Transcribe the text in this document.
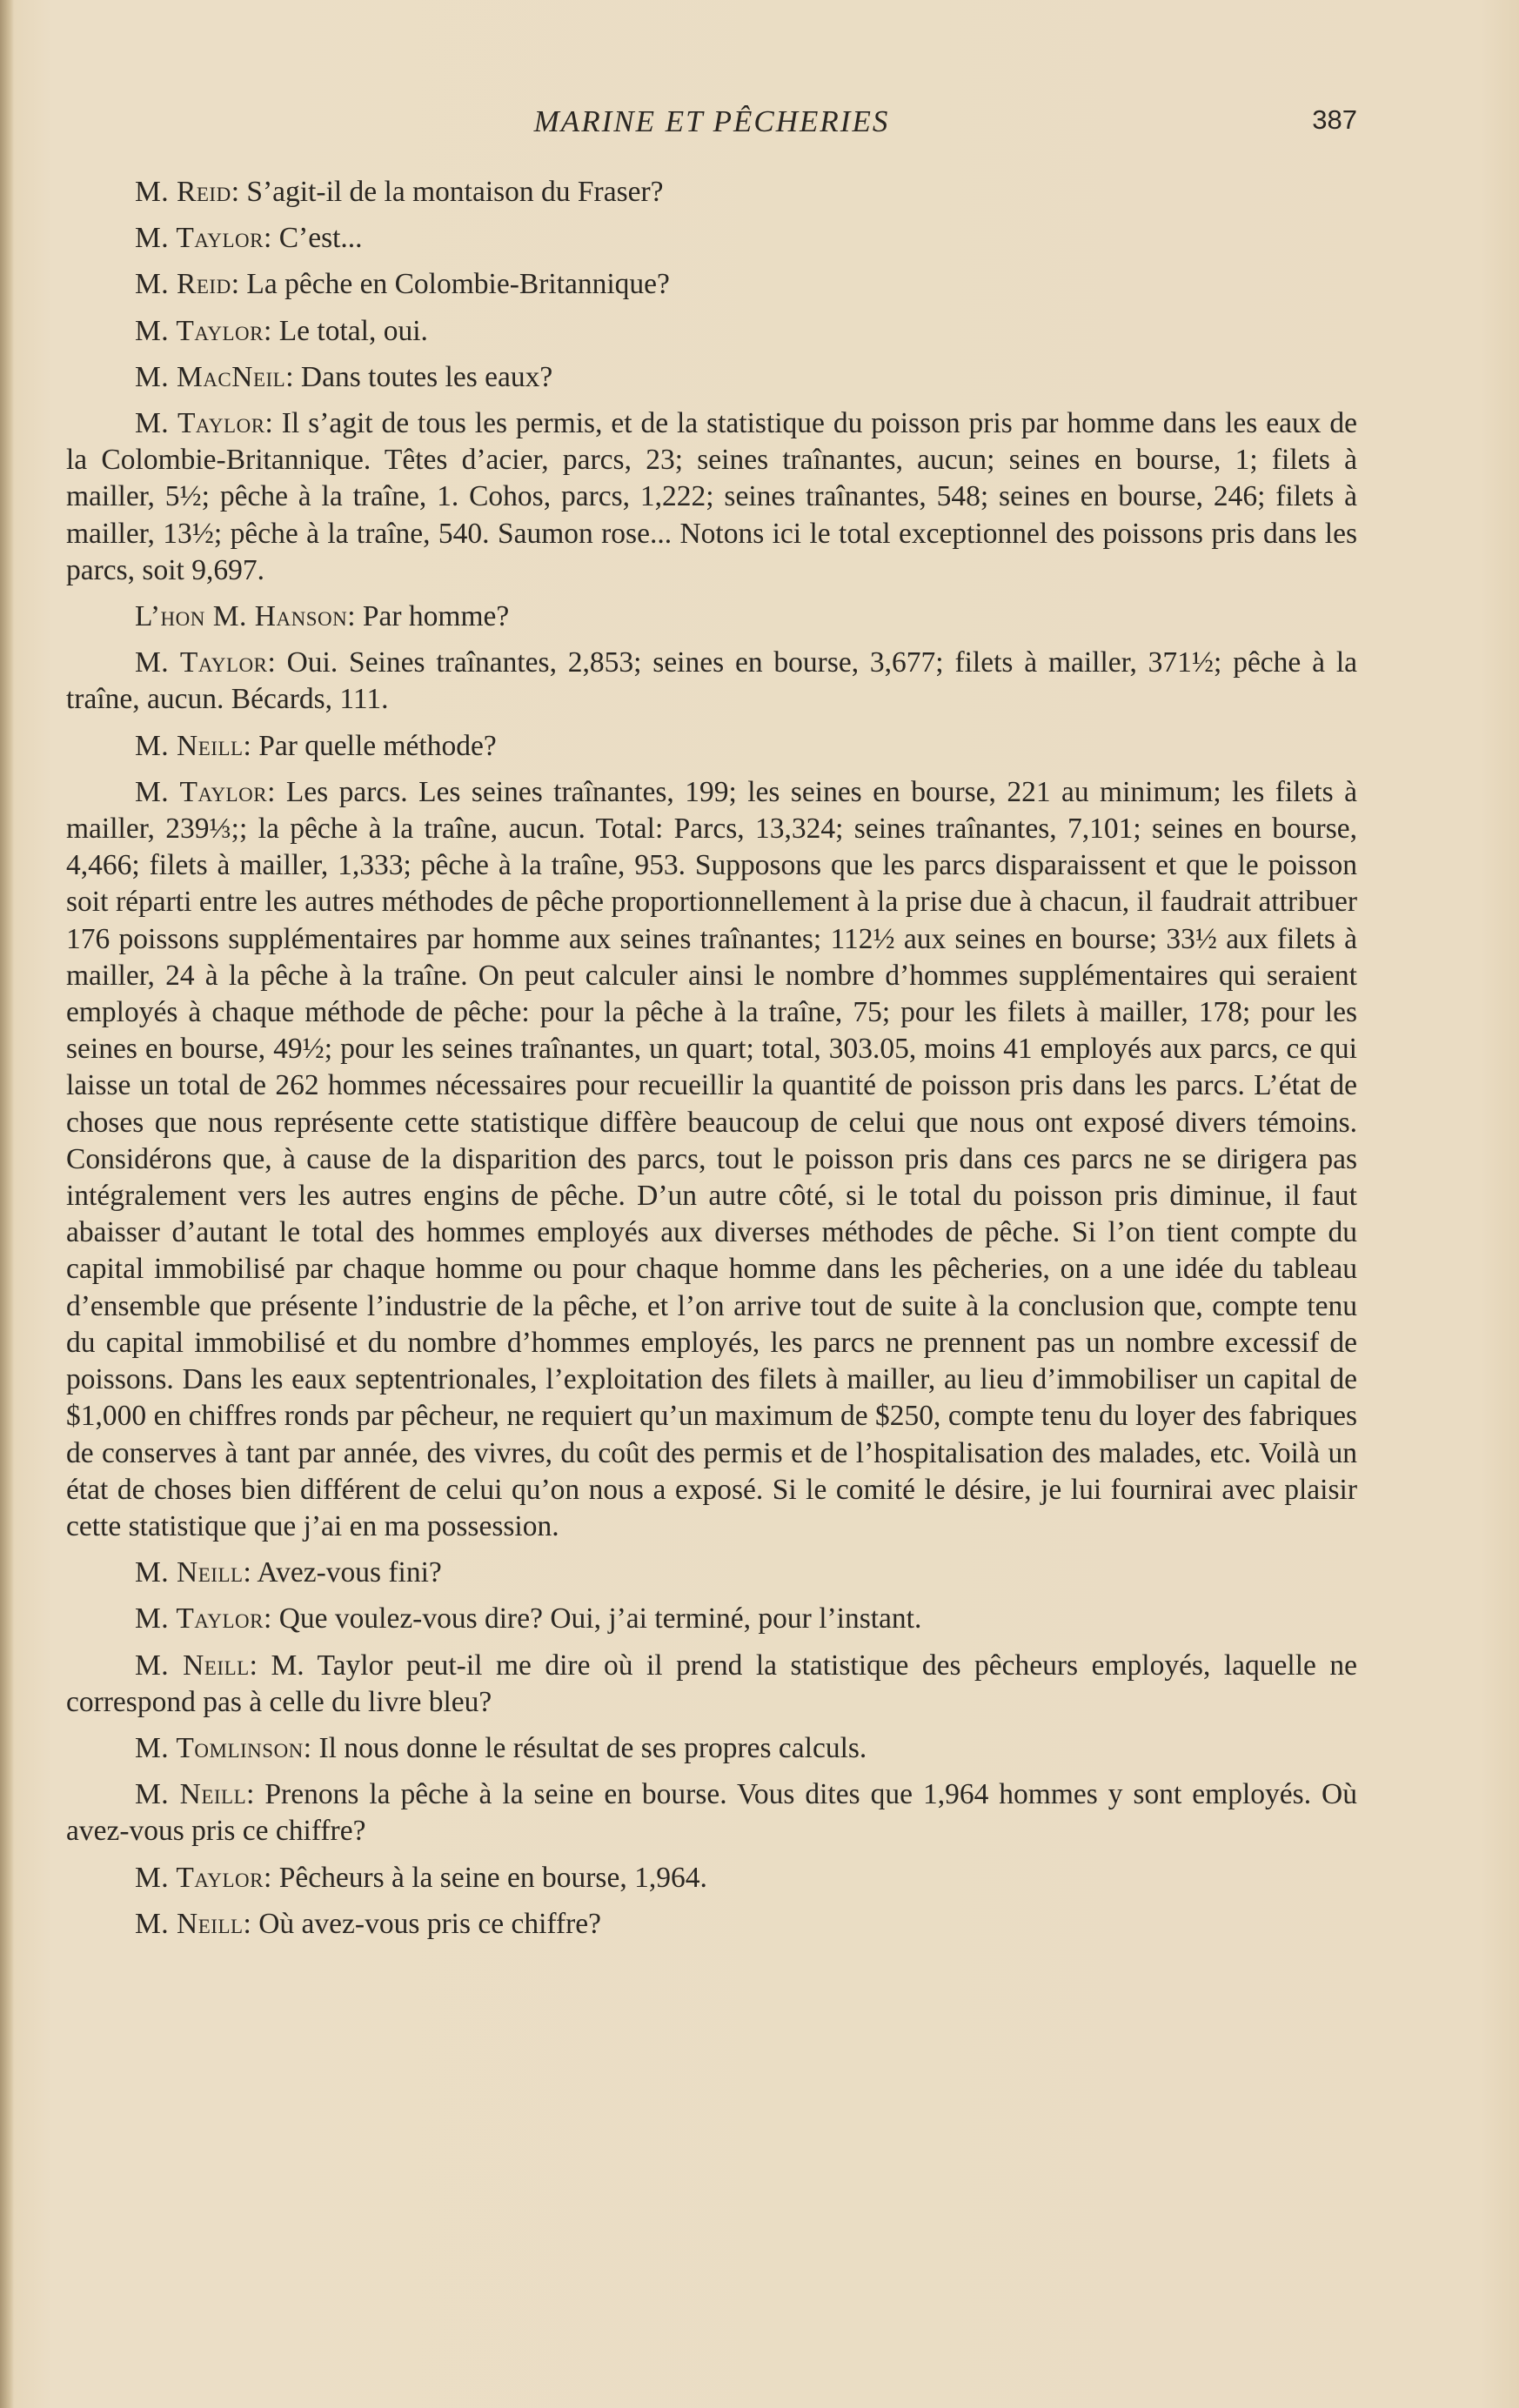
MARINE ET PÊCHERIES	387

M. Reid: S’agit-il de la montaison du Fraser?

M. Taylor: C’est...

M. Reid: La pêche en Colombie-Britannique?

M. Taylor: Le total, oui.

M. MacNeil: Dans toutes les eaux?

M. Taylor: Il s’agit de tous les permis, et de la statistique du poisson pris par homme dans les eaux de la Colombie-Britannique. Têtes d’acier, parcs, 23; seines traînantes, aucun; seines en bourse, 1; filets à mailler, 5½; pêche à la traîne, 1. Cohos, parcs, 1,222; seines traînantes, 548; seines en bourse, 246; filets à mailler, 13½; pêche à la traîne, 540. Saumon rose... Notons ici le total exceptionnel des poissons pris dans les parcs, soit 9,697.

L’hon M. Hanson: Par homme?

M. Taylor: Oui. Seines traînantes, 2,853; seines en bourse, 3,677; filets à mailler, 371½; pêche à la traîne, aucun. Bécards, 111.

M. Neill: Par quelle méthode?

M. Taylor: Les parcs. Les seines traînantes, 199; les seines en bourse, 221 au minimum; les filets à mailler, 239⅓;; la pêche à la traîne, aucun. Total: Parcs, 13,324; seines traînantes, 7,101; seines en bourse, 4,466; filets à mailler, 1,333; pêche à la traîne, 953. Supposons que les parcs disparaissent et que le poisson soit réparti entre les autres méthodes de pêche proportionnellement à la prise due à chacun, il faudrait attribuer 176 poissons supplémentaires par homme aux seines traînantes; 112½ aux seines en bourse; 33½ aux filets à mailler, 24 à la pêche à la traîne. On peut calculer ainsi le nombre d’hommes supplémentaires qui seraient employés à chaque méthode de pêche: pour la pêche à la traîne, 75; pour les filets à mailler, 178; pour les seines en bourse, 49½; pour les seines traînantes, un quart; total, 303.05, moins 41 employés aux parcs, ce qui laisse un total de 262 hommes nécessaires pour recueillir la quantité de poisson pris dans les parcs. L’état de choses que nous représente cette statistique diffère beaucoup de celui que nous ont exposé divers témoins. Considérons que, à cause de la disparition des parcs, tout le poisson pris dans ces parcs ne se dirigera pas intégralement vers les autres engins de pêche. D’un autre côté, si le total du poisson pris diminue, il faut abaisser d’autant le total des hommes employés aux diverses méthodes de pêche. Si l’on tient compte du capital immobilisé par chaque homme ou pour chaque homme dans les pêcheries, on a une idée du tableau d’ensemble que présente l’industrie de la pêche, et l’on arrive tout de suite à la conclusion que, compte tenu du capital immobilisé et du nombre d’hommes employés, les parcs ne prennent pas un nombre excessif de poissons. Dans les eaux septentrionales, l’exploitation des filets à mailler, au lieu d’immobiliser un capital de $1,000 en chiffres ronds par pêcheur, ne requiert qu’un maximum de $250, compte tenu du loyer des fabriques de conserves à tant par année, des vivres, du coût des permis et de l’hospitalisation des malades, etc. Voilà un état de choses bien différent de celui qu’on nous a exposé. Si le comité le désire, je lui fournirai avec plaisir cette statistique que j’ai en ma possession.

M. Neill: Avez-vous fini?

M. Taylor: Que voulez-vous dire? Oui, j’ai terminé, pour l’instant.

M. Neill: M. Taylor peut-il me dire où il prend la statistique des pêcheurs employés, laquelle ne correspond pas à celle du livre bleu?

M. Tomlinson: Il nous donne le résultat de ses propres calculs.

M. Neill: Prenons la pêche à la seine en bourse. Vous dites que 1,964 hommes y sont employés. Où avez-vous pris ce chiffre?

M. Taylor: Pêcheurs à la seine en bourse, 1,964.

M. Neill: Où avez-vous pris ce chiffre?
